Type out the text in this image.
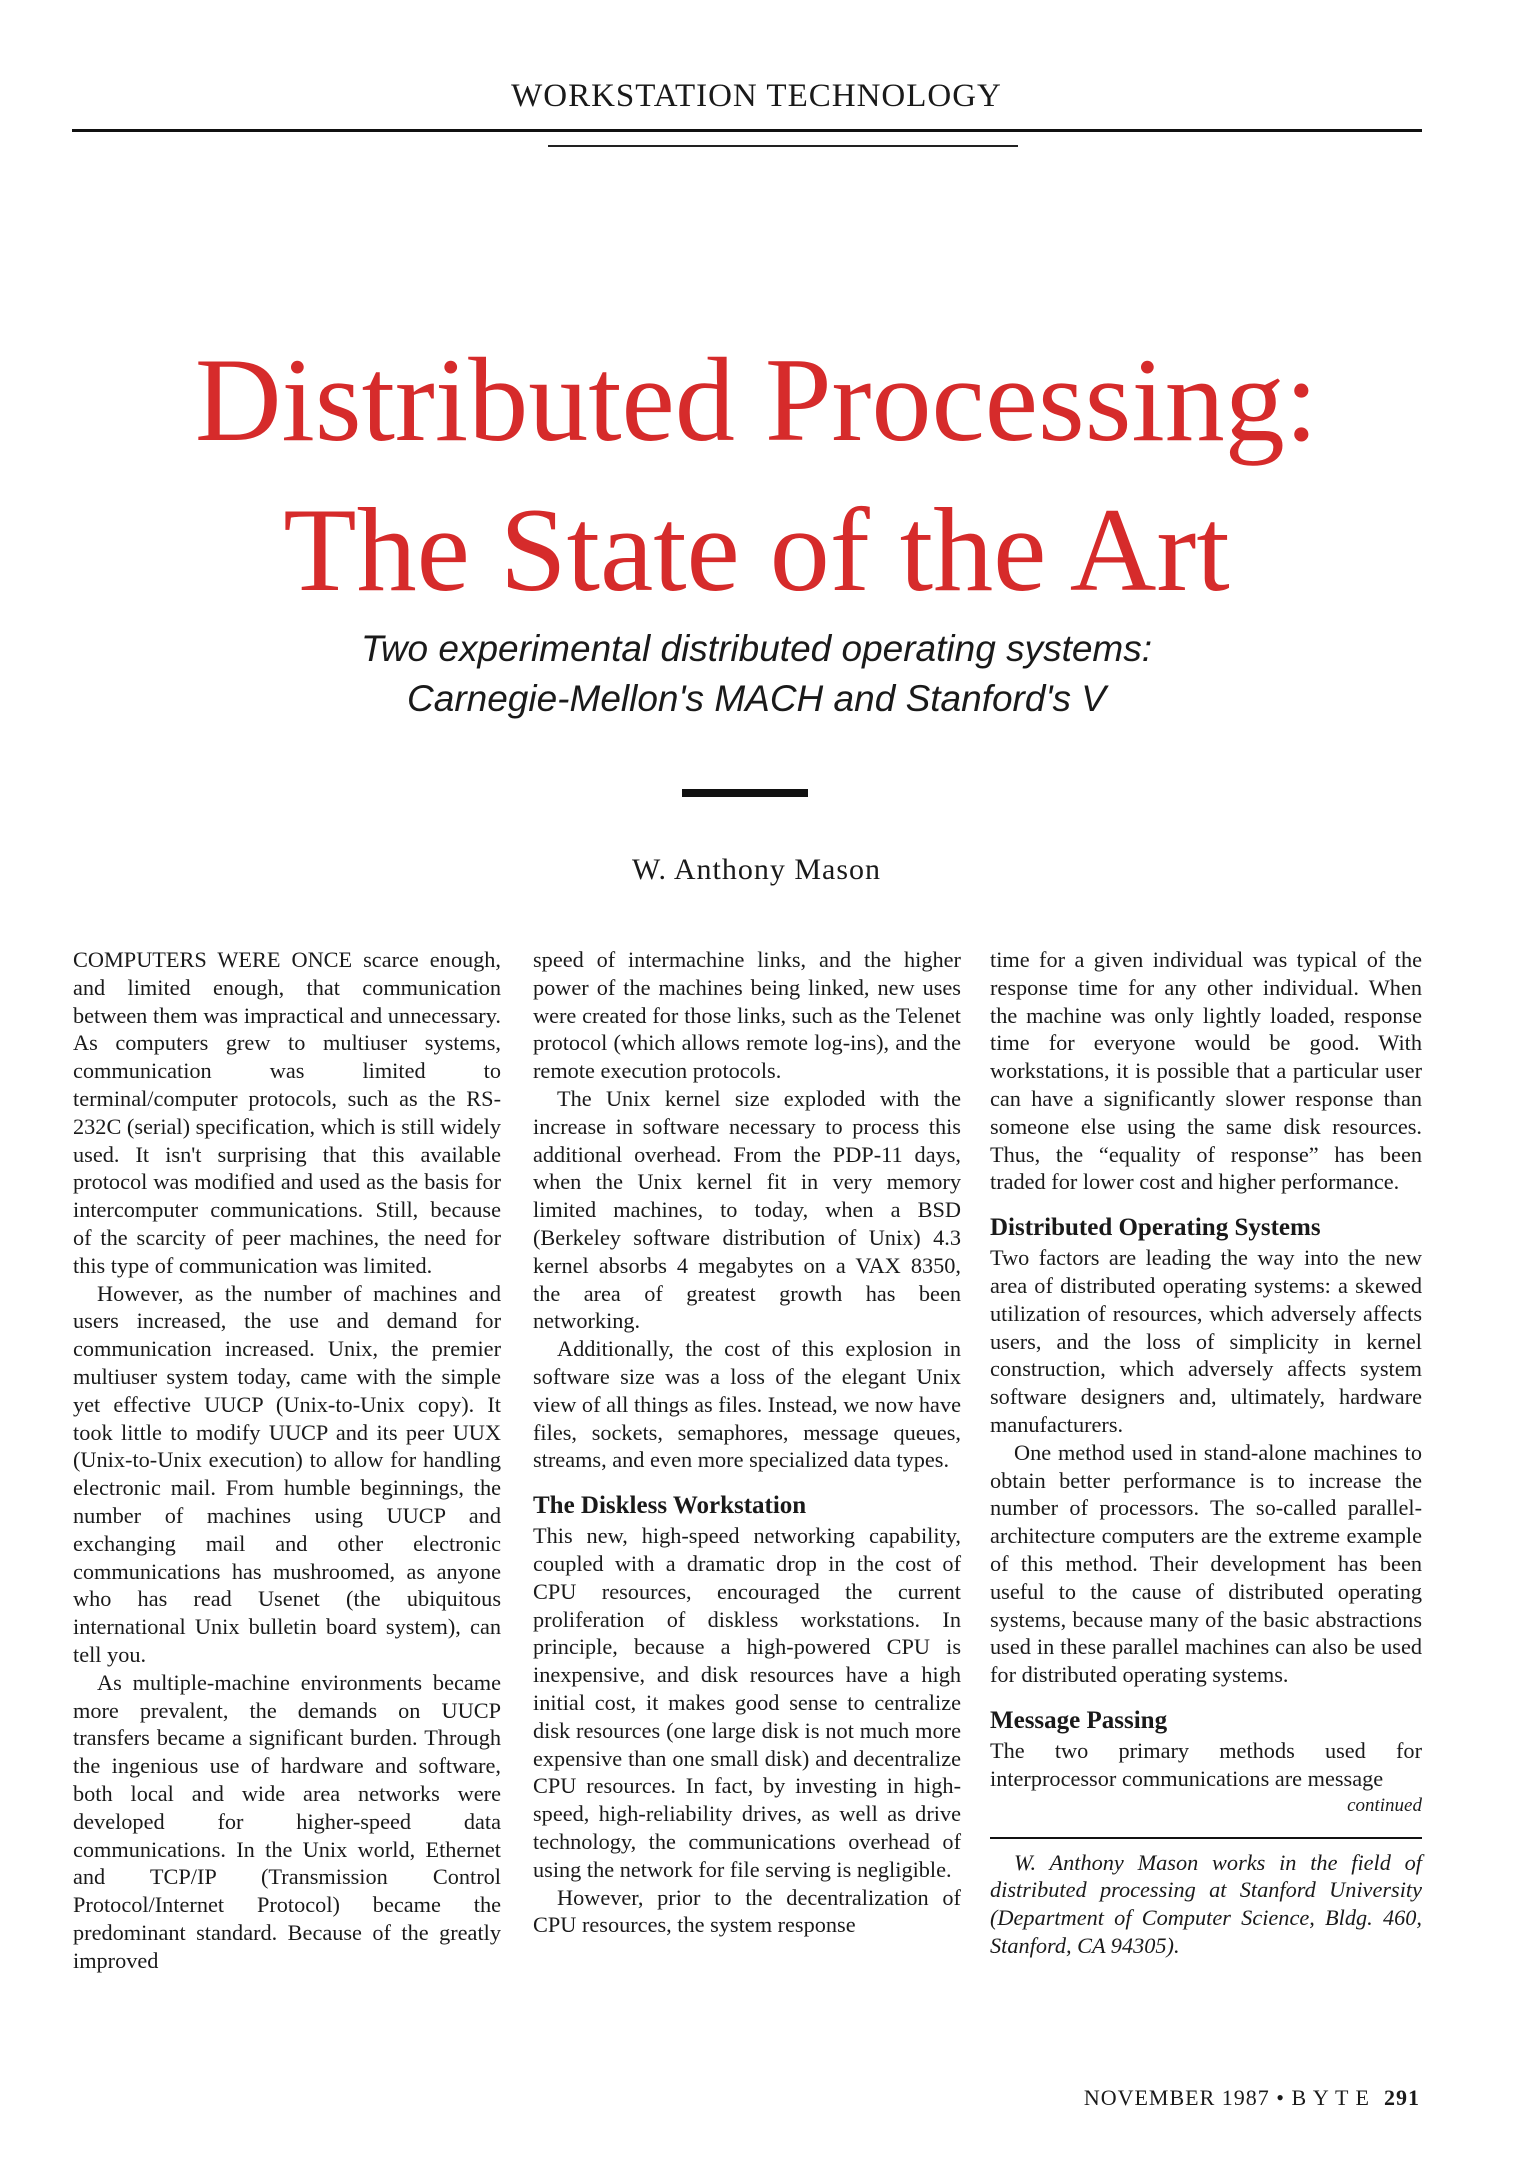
WORKSTATION TECHNOLOGY
Distributed Processing:
The State of the Art
Two experimental distributed operating systems:
Carnegie-Mellon's MACH and Stanford's V
W. Anthony Mason

COMPUTERS WERE ONCE scarce enough, and limited enough, that communication between them was impractical and unnecessary. As computers grew to multiuser systems, communication was limited to terminal/computer protocols, such as the RS-232C (serial) specification, which is still widely used. It isn't surprising that this available protocol was modified and used as the basis for intercomputer communications. Still, because of the scarcity of peer machines, the need for this type of communication was limited.

However, as the number of machines and users increased, the use and demand for communication increased. Unix, the premier multiuser system today, came with the simple yet effective UUCP (Unix-to-Unix copy). It took little to modify UUCP and its peer UUX (Unix-to-Unix execution) to allow for handling electronic mail. From humble beginnings, the number of machines using UUCP and exchanging mail and other electronic communications has mushroomed, as anyone who has read Usenet (the ubiquitous international Unix bulletin board system), can tell you.

As multiple-machine environments became more prevalent, the demands on UUCP transfers became a significant burden. Through the ingenious use of hardware and software, both local and wide area networks were developed for higher-speed data communications. In the Unix world, Ethernet and TCP/IP (Transmission Control Protocol/Internet Protocol) became the predominant standard. Because of the greatly improved

speed of intermachine links, and the higher power of the machines being linked, new uses were created for those links, such as the Telenet protocol (which allows remote log-ins), and the remote execution protocols.

The Unix kernel size exploded with the increase in software necessary to process this additional overhead. From the PDP-11 days, when the Unix kernel fit in very memory limited machines, to today, when a BSD (Berkeley software distribution of Unix) 4.3 kernel absorbs 4 megabytes on a VAX 8350, the area of greatest growth has been networking.

Additionally, the cost of this explosion in software size was a loss of the elegant Unix view of all things as files. Instead, we now have files, sockets, semaphores, message queues, streams, and even more specialized data types.

The Diskless Workstation

This new, high-speed networking capability, coupled with a dramatic drop in the cost of CPU resources, encouraged the current proliferation of diskless workstations. In principle, because a high-powered CPU is inexpensive, and disk resources have a high initial cost, it makes good sense to centralize disk resources (one large disk is not much more expensive than one small disk) and decentralize CPU resources. In fact, by investing in high-speed, high-reliability drives, as well as drive technology, the communications overhead of using the network for file serving is negligible.

However, prior to the decentralization of CPU resources, the system response

time for a given individual was typical of the response time for any other individual. When the machine was only lightly loaded, response time for everyone would be good. With workstations, it is possible that a particular user can have a significantly slower response than someone else using the same disk resources. Thus, the “equality of response” has been traded for lower cost and higher performance.

Distributed Operating Systems

Two factors are leading the way into the new area of distributed operating systems: a skewed utilization of resources, which adversely affects users, and the loss of simplicity in kernel construction, which adversely affects system software designers and, ultimately, hardware manufacturers.

One method used in stand-alone machines to obtain better performance is to increase the number of processors. The so-called parallel-architecture computers are the extreme example of this method. Their development has been useful to the cause of distributed operating systems, because many of the basic abstractions used in these parallel machines can also be used for distributed operating systems.

Message Passing

The two primary methods used for interprocessor communications are message

continued

W. Anthony Mason works in the field of distributed processing at Stanford University (Department of Computer Science, Bldg. 460, Stanford, CA 94305).

NOVEMBER 1987 • B Y T E 291
